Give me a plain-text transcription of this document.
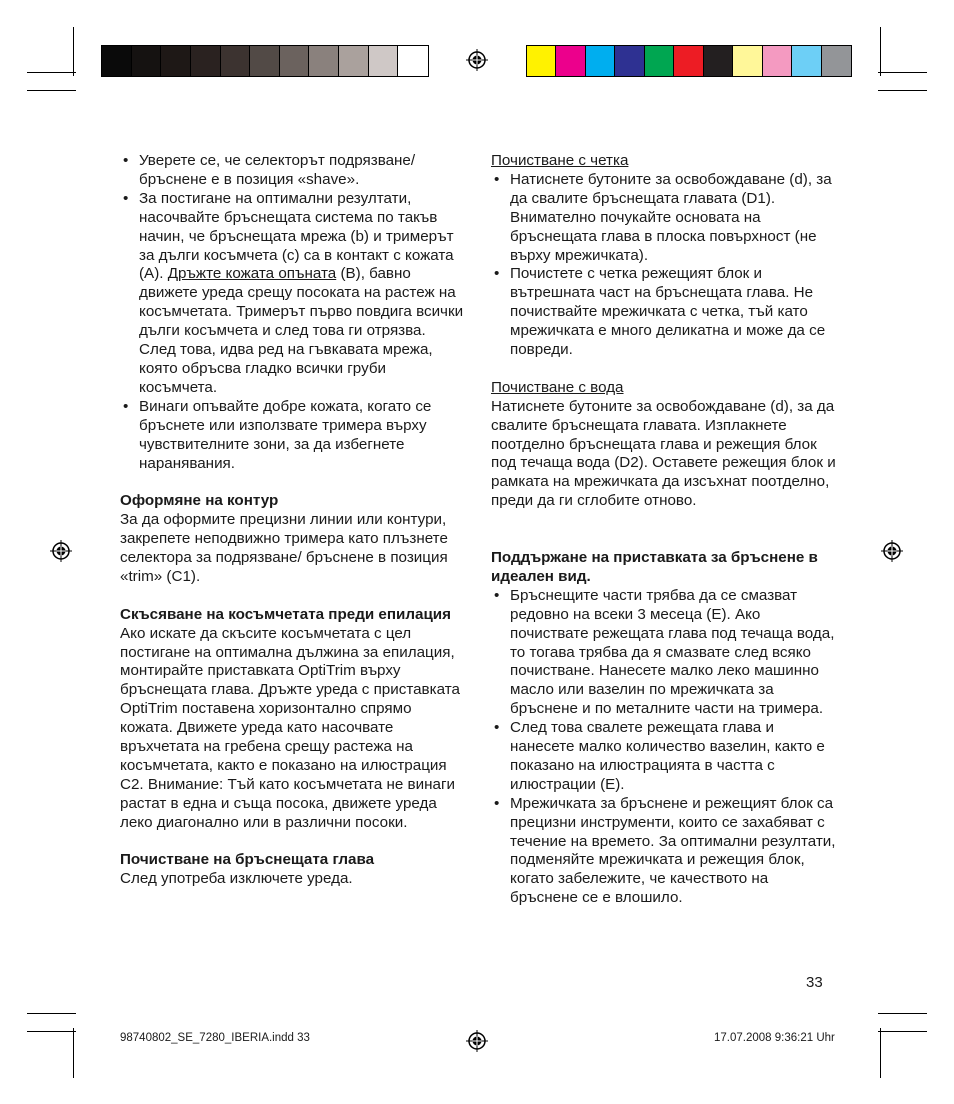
• Уверете се, че селекторът подрязване/ бръснене е в позиция «shave».

• За постигане на оптимални резултати, насочвайте бръснещата система по такъв начин, че бръснещата мрежа (b) и тримерът за дълги косъмчета (c) са в контакт с кожата (A). Дръжте кожата опъната (B), бавно движете уреда срещу посоката на растеж на косъмчетата. Тримерът първо повдига всички дълги косъмчета и след това ги отрязва. След това, идва ред на гъвкавата мрежа, която обръсва гладко всички груби косъмчета.

• Винаги опъвайте добре кожата, когато се бръснете или използвате тримера върху чувствителните зони, за да избегнете наранявания.

Оформяне на контур

За да оформите прецизни линии или контури, закрепете неподвижно тримера като плъзнете селектора за подрязване/ бръснене в позиция «trim» (C1).

Скъсяване на косъмчетата преди епилация

Ако искате да скъсите косъмчетата с цел постигане на оптимална дължина за епилация, монтирайте приставката OptiTrim върху бръснещата глава. Дръжте уреда с приставката OptiTrim поставена хоризонтално спрямо кожата. Движете уреда като насочвате връхчетата на гребена срещу растежа на косъмчетата, както е показано на илюстрация C2. Внимание: Тъй като косъмчетата не винаги растат в една и съща посока, движете уреда леко диагонално или в различни посоки.

Почистване на бръснещата глава

След употреба изключете уреда.

Почистване с четка

• Натиснете бутоните за освобождаване (d), за да свалите бръснещата главата (D1). Внимателно почукайте основата на бръснещата глава в плоска повърхност (не върху мрежичката).

• Почистете с четка режещият блок и вътрешната част на бръснещата глава. Не почиствайте мрежичката с четка, тъй като мрежичката е много деликатна и може да се повреди.

Почистване с вода

Натиснете бутоните за освобождаване (d), за да свалите бръснещата главата. Изплакнете поотделно бръснещата глава и режещия блок под течаща вода (D2). Оставете режещия блок и рамката на мрежичката да изсъхнат поотделно, преди да ги сглобите отново.

Поддържане на приставката за бръснене в идеален вид.

• Бръснещите части трябва да се смазват редовно на всеки 3 месеца (E). Ако почиствате режещата глава под течаща вода, то тогава трябва да я смазвате след всяко почистване. Нанесете малко леко машинно масло или вазелин по мрежичката за бръснене и по металните части на тримера.

• След това свалете режещата глава и нанесете малко количество вазелин, както е показано на илюстрацията в частта с илюстрации (E).

• Мрежичката за бръснене и режещият блок са прецизни инструменти, които се захабяват с течение на времето. За оптимални резултати, подменяйте мрежичката и режещия блок, когато забележите, че качеството на бръснене се е влошило.

33
98740802_SE_7280_IBERIA.indd 33	17.07.2008 9:36:21 Uhr
